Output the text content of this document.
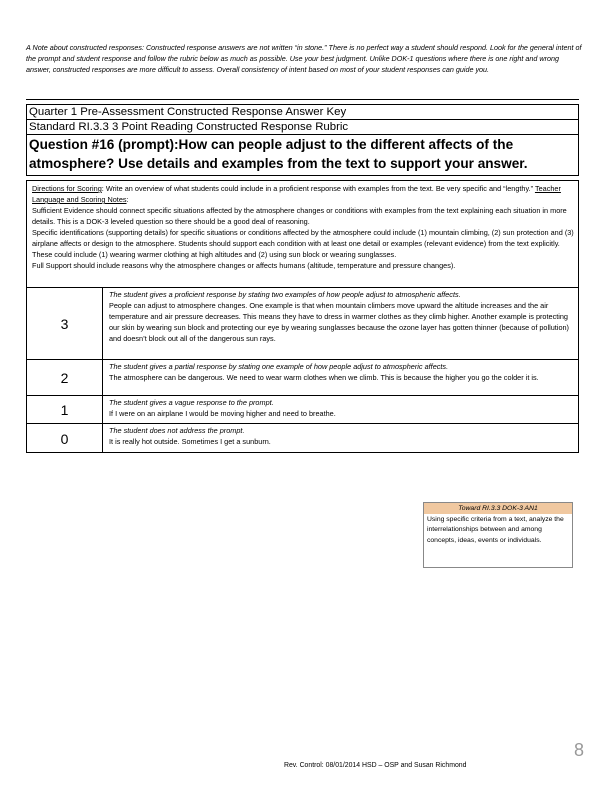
A Note about constructed responses: Constructed response answers are not written “in stone.” There is no perfect way a student should respond. Look for the general intent of the prompt and student response and follow the rubric below as much as possible. Use your best judgment. Unlike DOK-1 questions where there is one right and wrong answer, constructed responses are more difficult to assess. Overall consistency of intent based on most of your student responses can guide you.
Quarter 1 Pre-Assessment Constructed Response Answer Key
Standard RI.3.3 3 Point Reading Constructed Response Rubric
Question #16 (prompt):How can people adjust to the different affects of the atmosphere? Use details and examples from the text to support your answer.
Directions for Scoring: Write an overview of what students could include in a proficient response with examples from the text. Be very specific and “lengthy.” Teacher Language and Scoring Notes:
Sufficient Evidence should connect specific situations affected by the atmosphere changes or conditions with examples from the text explaining each situation in more details. This is a DOK-3 leveled question so there should be a good deal of reasoning.
Specific identifications (supporting details) for specific situations or conditions affected by the atmosphere could include (1) mountain climbing, (2) sun protection and (3) airplane affects or design to the atmosphere. Students should support each condition with at least one detail or examples (relevant evidence) from the text explicitly. These could include (1) wearing warmer clothing at high altitudes and (2) using sun block or wearing sunglasses.
Full Support should include reasons why the atmosphere changes or affects humans (altitude, temperature and pressure changes).
3
The student gives a proficient response by stating two examples of how people adjust to atmospheric affects.
People can adjust to atmosphere changes. One example is that when mountain climbers move upward the altitude increases and the air temperature and air pressure decreases. This means they have to dress in warmer clothes as they climb higher. Another example is protecting our skin by wearing sun block and protecting our eye by wearing sunglasses because the ozone layer has gotten thinner (because of pollution) and doesn’t block out all of the dangerous sun rays.
2
The student gives a partial response by stating one example of how people adjust to atmospheric affects.
The atmosphere can be dangerous. We need to wear warm clothes when we climb. This is because the higher you go the colder it is.
1	The student gives a vague response to the prompt.
If I were on an airplane I would be moving higher and need to breathe.
0	The student does not address the prompt.
It is really hot outside. Sometimes I get a sunburn.
Toward RI.3.3 DOK-3 AN1
Using specific criteria from a text, analyze the interrelationships between and among concepts, ideas, events or individuals.
8
Rev. Control: 08/01/2014 HSD – OSP and Susan Richmond
